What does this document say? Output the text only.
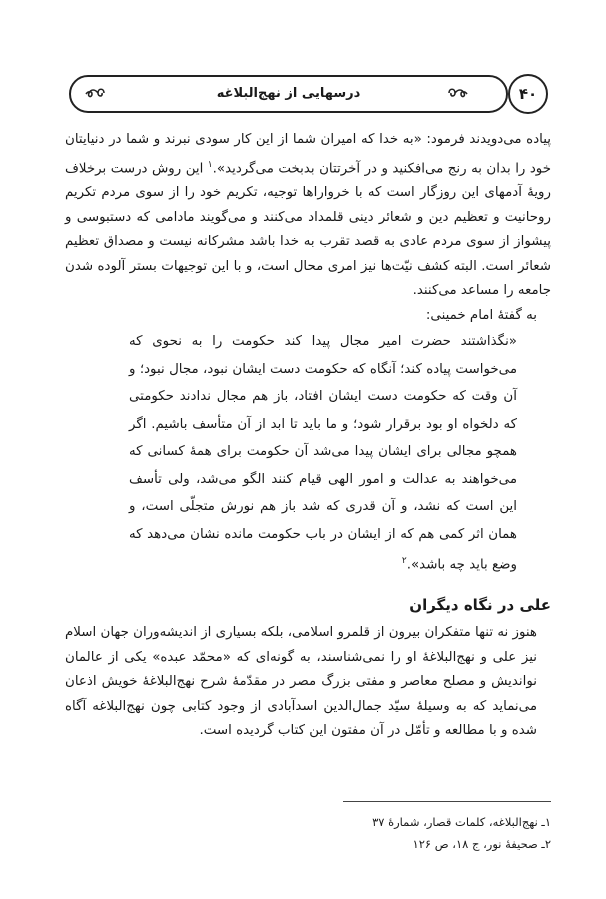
۴۰
درسهایی از نهج‌البلاغه

پیاده می‌دویدند فرمود: «به خدا که امیران شما از این کار سودی نبرند و شما در دنیایتان خود را بدان به رنج می‌افکنید و در آخرتتان بدبخت می‌گردید».$^۱$ این روش درست برخلاف رویهٔ آدمهای این روزگار است که با خرواراها توجیه، تکریم خود را از سوی مردم تکریم روحانیت و تعظیم دین و شعائر دینی قلمداد می‌کنند و می‌گویند مادامی که دستبوسی و پیشواز از سوی مردم عادی به قصد تقرب به خدا باشد مشرکانه نیست و مصداق تعظیم شعائر است. البته کشف نیّت‌ها نیز امری محال است، و با این توجیهات بستر آلوده شدن جامعه را مساعد می‌کنند.

به گفتهٔ امام خمینی:

«نگذاشتند حضرت امیر مجال پیدا کند حکومت را به نحوی که می‌خواست پیاده کند؛ آنگاه که حکومت دست ایشان نبود، مجال نبود؛ و آن وقت که حکومت دست ایشان افتاد، باز هم مجال ندادند حکومتی که دلخواه او بود برقرار شود؛ و ما باید تا ابد از آن متأسف باشیم. اگر همچو مجالی برای ایشان پیدا می‌شد آن حکومت برای همهٔ کسانی که می‌خواهند به عدالت و امور الهی قیام کنند الگو می‌شد، ولی تأسف این است که نشد، و آن قدری که شد باز هم نورش متجلّی است، و همان اثر کمی هم که از ایشان در باب حکومت مانده نشان می‌دهد که وضع باید چه باشد».$^۲$

علی در نگاه دیگران

هنوز نه تنها متفکران بیرون از قلمرو اسلامی، بلکه بسیاری از اندیشه‌وران جهان اسلام نیز علی و نهج‌البلاغهٔ او را نمی‌شناسند، به گونه‌ای که «محمّد عبده» یکی از عالمان نواندیش و مصلح معاصر و مفتی بزرگ مصر در مقدّمهٔ شرح نهج‌البلاغهٔ خویش اذعان می‌نماید که به وسیلهٔ سیّد جمال‌الدین اسدآبادی از وجود کتابی چون نهج‌البلاغه آگاه شده و با مطالعه و تأمّل در آن مفتون این کتاب گردیده است.

۱ـ نهج‌البلاغه، کلمات قصار، شمارهٔ ۳۷

۲ـ صحیفهٔ نور، ج ۱۸، ص ۱۲۶
